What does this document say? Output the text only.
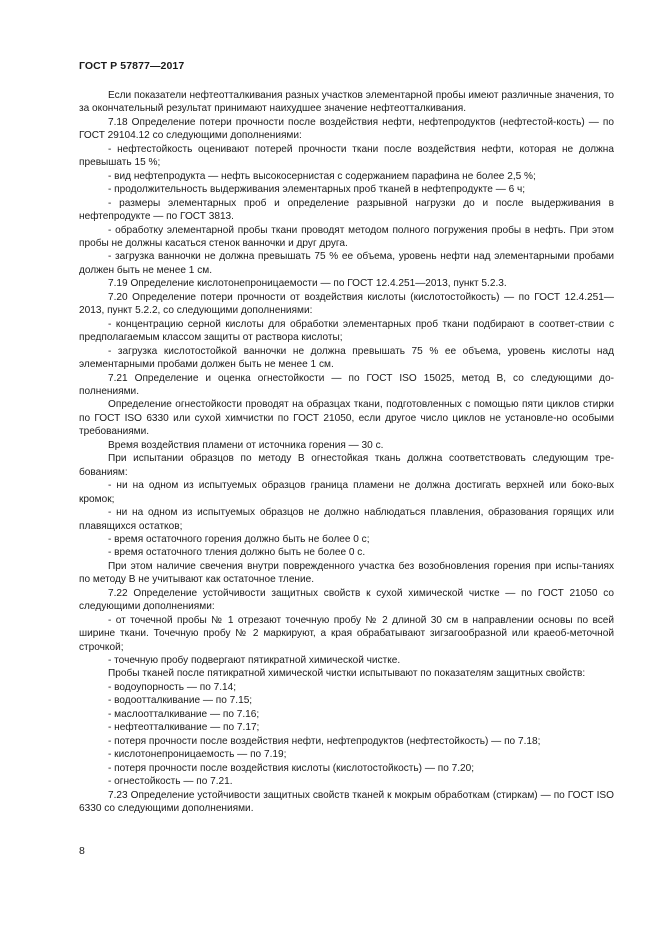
ГОСТ Р 57877—2017

Если показатели нефтеотталкивания разных участков элементарной пробы имеют различные значения, то за окончательный результат принимают наихудшее значение нефтеотталкивания.

7.18 Определение потери прочности после воздействия нефти, нефтепродуктов (нефтестой-кость) — по ГОСТ 29104.12 со следующими дополнениями:

- нефтестойкость оценивают потерей прочности ткани после воздействия нефти, которая не должна превышать 15 %;

- вид нефтепродукта — нефть высокосернистая с содержанием парафина не более 2,5 %;

- продолжительность выдерживания элементарных проб тканей в нефтепродукте — 6 ч;

- размеры элементарных проб и определение разрывной нагрузки до и после выдерживания в нефтепродукте — по ГОСТ 3813.

- обработку элементарной пробы ткани проводят методом полного погружения пробы в нефть. При этом пробы не должны касаться стенок ванночки и друг друга.

- загрузка ванночки не должна превышать 75 % ее объема, уровень нефти над элементарными пробами должен быть не менее 1 см.

7.19 Определение кислотонепроницаемости — по ГОСТ 12.4.251—2013, пункт 5.2.3.

7.20 Определение потери прочности от воздействия кислоты (кислотостойкость) — по ГОСТ 12.4.251—2013, пункт 5.2.2, со следующими дополнениями:

- концентрацию серной кислоты для обработки элементарных проб ткани подбирают в соответ-ствии с предполагаемым классом защиты от раствора кислоты;

- загрузка кислотостойкой ванночки не должна превышать 75 % ее объема, уровень кислоты над элементарными пробами должен быть не менее 1 см.

7.21 Определение и оценка огнестойкости — по ГОСТ ISO 15025, метод В, со следующими до-полнениями.

Определение огнестойкости проводят на образцах ткани, подготовленных с помощью пяти циклов стирки по ГОСТ ISO 6330 или сухой химчистки по ГОСТ 21050, если другое число циклов не установле-но особыми требованиями.

Время воздействия пламени от источника горения — 30 с.

При испытании образцов по методу В огнестойкая ткань должна соответствовать следующим тре-бованиям:

- ни на одном из испытуемых образцов граница пламени не должна достигать верхней или боко-вых кромок;

- ни на одном из испытуемых образцов не должно наблюдаться плавления, образования горящих или плавящихся остатков;

- время остаточного горения должно быть не более 0 с;

- время остаточного тления должно быть не более 0 с.

При этом наличие свечения внутри поврежденного участка без возобновления горения при испы-таниях по методу В не учитывают как остаточное тление.

7.22 Определение устойчивости защитных свойств к сухой химической чистке — по ГОСТ 21050 со следующими дополнениями:

- от точечной пробы № 1 отрезают точечную пробу № 2 длиной 30 см в направлении основы по всей ширине ткани. Точечную пробу № 2 маркируют, а края обрабатывают зигзагообразной или краеоб-меточной строчкой;

- точечную пробу подвергают пятикратной химической чистке.

Пробы тканей после пятикратной химической чистки испытывают по показателям защитных свойств:

- водоупорность — по 7.14;

- водоотталкивание — по 7.15;

- маслоотталкивание — по 7.16;

- нефтеотталкивание — по 7.17;

- потеря прочности после воздействия нефти, нефтепродуктов (нефтестойкость) — по 7.18;

- кислотонепроницаемость — по 7.19;

- потеря прочности после воздействия кислоты (кислотостойкость) — по 7.20;

- огнестойкость — по 7.21.

7.23 Определение устойчивости защитных свойств тканей к мокрым обработкам (стиркам) — по ГОСТ ISO 6330 со следующими дополнениями.

8
